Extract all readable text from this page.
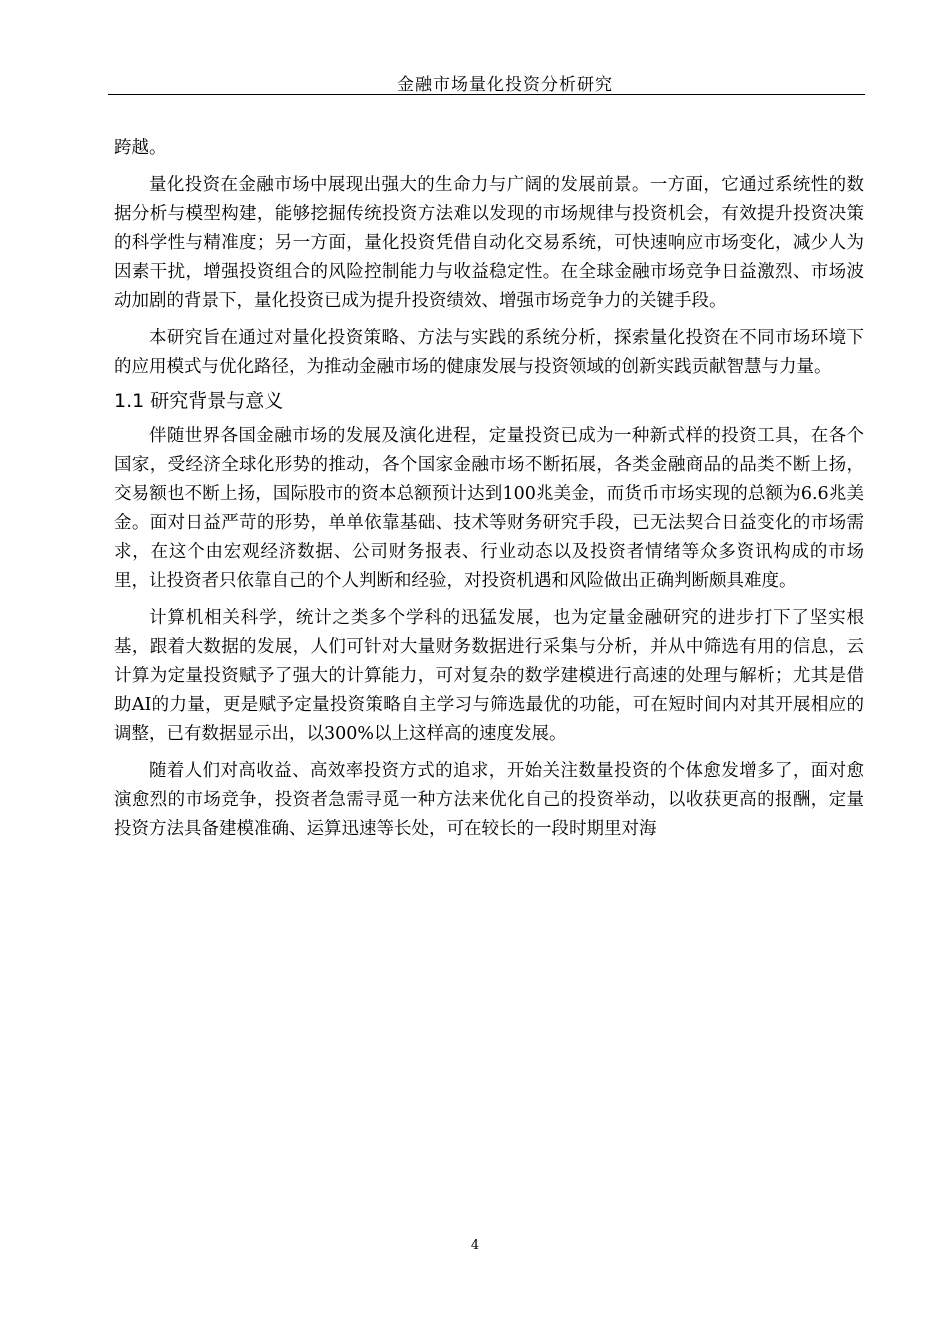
金融市场量化投资分析研究

跨越。

量化投资在金融市场中展现出强大的生命力与广阔的发展前景。一方面，它通过系统性的数据分析与模型构建，能够挖掘传统投资方法难以发现的市场规律与投资机会，有效提升投资决策的科学性与精准度；另一方面，量化投资凭借自动化交易系统，可快速响应市场变化，减少人为因素干扰，增强投资组合的风险控制能力与收益稳定性。在全球金融市场竞争日益激烈、市场波动加剧的背景下，量化投资已成为提升投资绩效、增强市场竞争力的关键手段。

本研究旨在通过对量化投资策略、方法与实践的系统分析，探索量化投资在不同市场环境下的应用模式与优化路径，为推动金融市场的健康发展与投资领域的创新实践贡献智慧与力量。

1.1 研究背景与意义

伴随世界各国金融市场的发展及演化进程，定量投资已成为一种新式样的投资工具，在各个国家，受经济全球化形势的推动，各个国家金融市场不断拓展，各类金融商品的品类不断上扬，交易额也不断上扬，国际股市的资本总额预计达到100兆美金，而货币市场实现的总额为6.6兆美金。面对日益严苛的形势，单单依靠基础、技术等财务研究手段，已无法契合日益变化的市场需求，在这个由宏观经济数据、公司财务报表、行业动态以及投资者情绪等众多资讯构成的市场里，让投资者只依靠自己的个人判断和经验，对投资机遇和风险做出正确判断颇具难度。

计算机相关科学，统计之类多个学科的迅猛发展，也为定量金融研究的进步打下了坚实根基，跟着大数据的发展，人们可针对大量财务数据进行采集与分析，并从中筛选有用的信息，云计算为定量投资赋予了强大的计算能力，可对复杂的数学建模进行高速的处理与解析；尤其是借助AI的力量，更是赋予定量投资策略自主学习与筛选最优的功能，可在短时间内对其开展相应的调整，已有数据显示出，以300%以上这样高的速度发展。

随着人们对高收益、高效率投资方式的追求，开始关注数量投资的个体愈发增多了，面对愈演愈烈的市场竞争，投资者急需寻觅一种方法来优化自己的投资举动，以收获更高的报酬，定量投资方法具备建模准确、运算迅速等长处，可在较长的一段时期里对海

4
